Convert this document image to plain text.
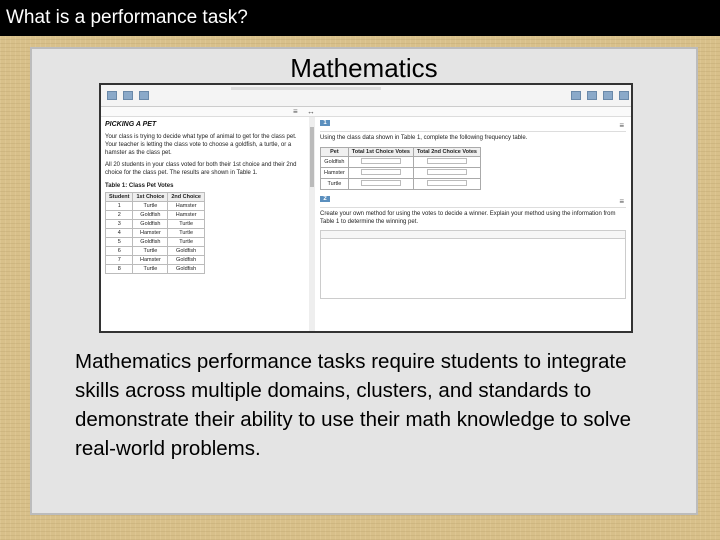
What is a performance task?
Mathematics
≡ ↔
PICKING A PET

Your class is trying to decide what type of animal to get for the class pet. Your teacher is letting the class vote to choose a goldfish, a turtle, or a hamster as the class pet.

All 20 students in your class voted for both their 1st choice and their 2nd choice for the class pet. The results are shown in Table 1.

Table 1: Class Pet Votes
Student	1st Choice	2nd Choice
1	Turtle	Hamster
2	Goldfish	Hamster
3	Goldfish	Turtle
4	Hamster	Turtle
5	Goldfish	Turtle
6	Turtle	Goldfish
7	Hamster	Goldfish
8	Turtle	Goldfish
1	≡
Using the class data shown in Table 1, complete the following frequency table.
Pet	Total 1st Choice Votes	Total 2nd Choice Votes
Goldfish		
Hamster		
Turtle		
2	≡
Create your own method for using the votes to decide a winner. Explain your method using the information from Table 1 to determine the winning pet.
Mathematics performance tasks require students to integrate skills across multiple domains, clusters, and standards to demonstrate their ability to use their math knowledge to solve real-world problems.
